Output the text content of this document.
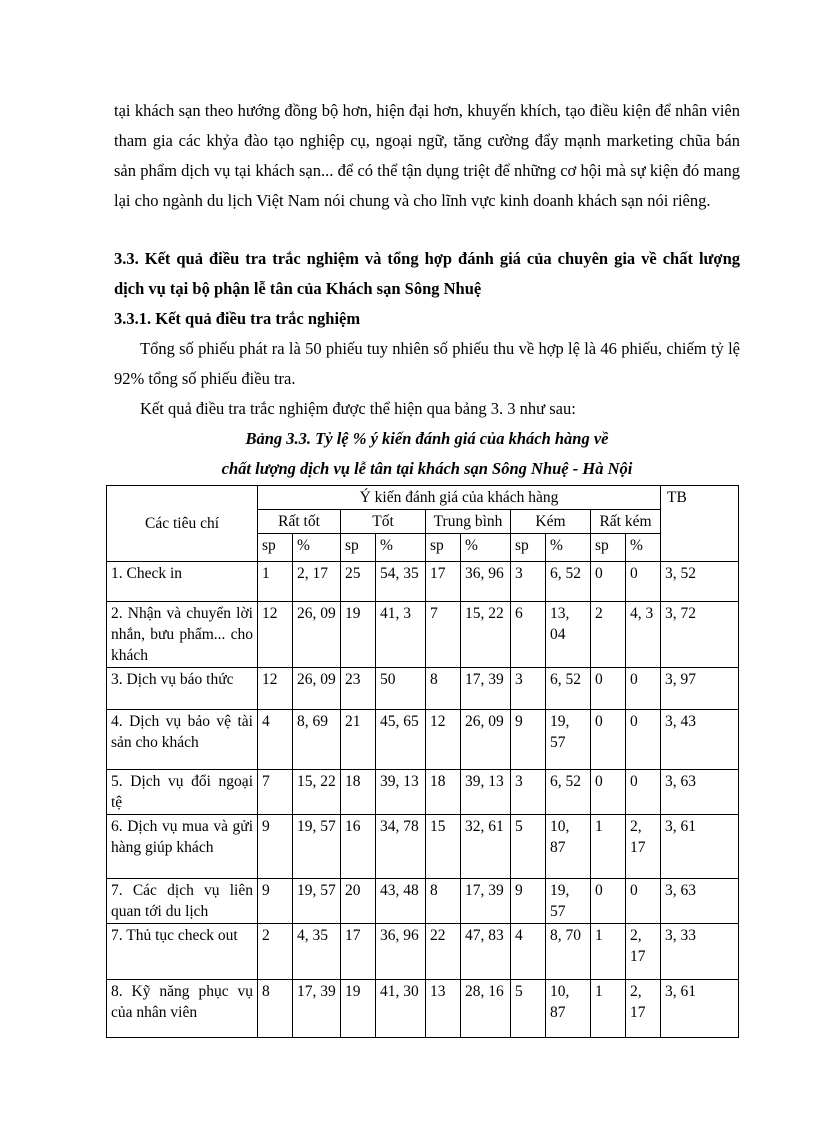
tại khách sạn theo hướng đồng bộ hơn, hiện đại hơn, khuyến khích, tạo điều kiện để nhân viên tham gia các khỷa đào tạo nghiệp cụ, ngoại ngữ, tăng cường đẩy mạnh marketing chũa bán sản phẩm dịch vụ tại khách sạn... để có thể tận dụng triệt để những cơ hội mà sự kiện đó mang lại cho ngành du lịch Việt Nam nói chung và cho lĩnh vực kinh doanh khách sạn nói riêng.

3.3. Kết quả điều tra trắc nghiệm và tổng hợp đánh giá của chuyên gia về chất lượng dịch vụ tại bộ phận lễ tân của Khách sạn Sông Nhuệ

3.3.1. Kết quả điều tra trắc nghiệm

Tổng số phiếu phát ra là 50 phiếu tuy nhiên số phiếu thu về hợp lệ là 46 phiếu, chiếm tỷ lệ 92% tổng số phiếu điều tra.

Kết quả điều tra trắc nghiệm được thể hiện qua bảng 3. 3 như sau:

Bảng 3.3. Tỷ lệ % ý kiến đánh giá của khách hàng về

chất lượng dịch vụ lễ tân tại khách sạn Sông Nhuệ - Hà Nội

Các tiêu chí	Ý kiến đánh giá của khách hàng										TB
	Rất tốt		Tốt		Trung bình		Kém		Rất kém		
	sp	%	sp	%	sp	%	sp	%	sp	%	
1. Check in	1	2, 17	25	54, 35	17	36, 96	3	6, 52	0	0	3, 52
2. Nhận và chuyển lời nhắn, bưu phẩm... cho khách	12	26, 09	19	41, 3	7	15, 22	6	13, 04	2	4, 3	3, 72
3. Dịch vụ báo thức	12	26, 09	23	50	8	17, 39	3	6, 52	0	0	3, 97
4. Dịch vụ bảo vệ tài sản cho khách	4	8, 69	21	45, 65	12	26, 09	9	19, 57	0	0	3, 43
5. Dịch vụ đổi ngoại tệ	7	15, 22	18	39, 13	18	39, 13	3	6, 52	0	0	3, 63
6. Dịch vụ mua và gửi hàng giúp khách	9	19, 57	16	34, 78	15	32, 61	5	10, 87	1	2, 17	3, 61
7. Các dịch vụ liên quan tới du lịch	9	19, 57	20	43, 48	8	17, 39	9	19, 57	0	0	3, 63
7. Thủ tục check out	2	4, 35	17	36, 96	22	47, 83	4	8, 70	1	2, 17	3, 33
8. Kỹ năng phục vụ của nhân viên	8	17, 39	19	41, 30	13	28, 16	5	10, 87	1	2, 17	3, 61
